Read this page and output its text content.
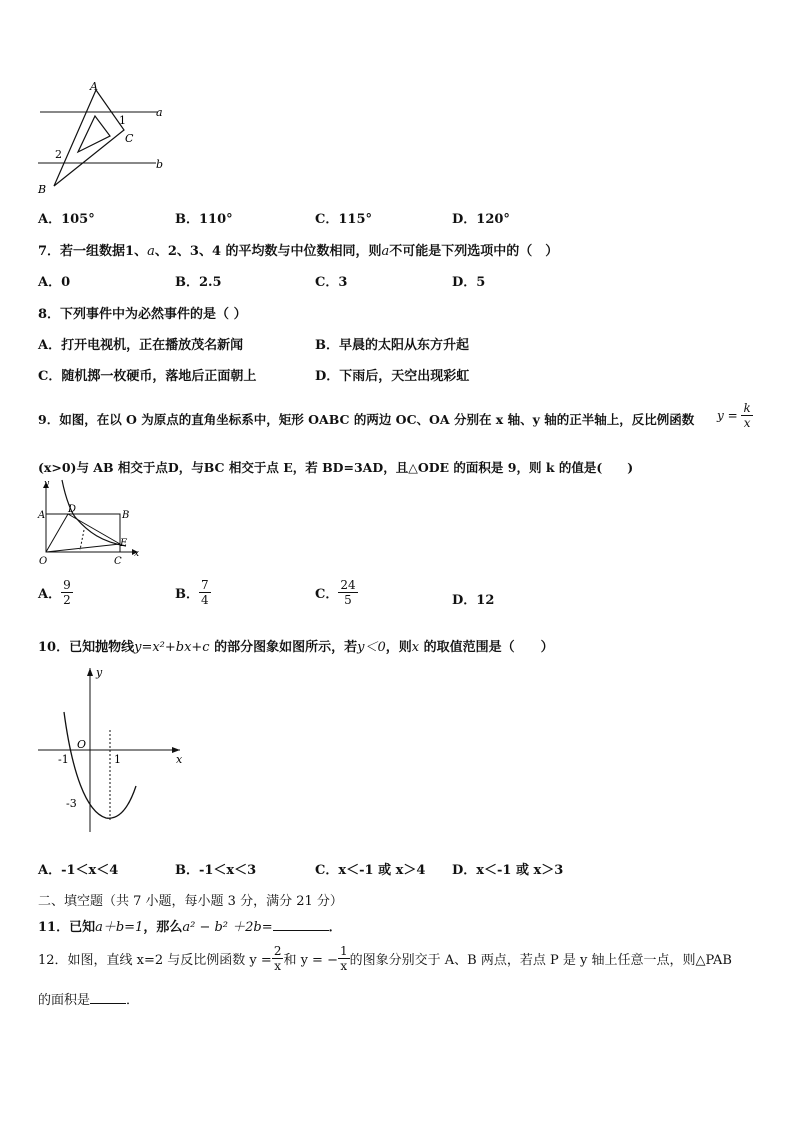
A
B
C
a
b
1
2
A．105°	B．110°	C．115°	D．120°
7．若一组数据1、a、2、3、4 的平均数与中位数相同，则a不可能是下列选项中的（　）
A．0	B．2.5	C．3	D．5
8．下列事件中为必然事件的是（ ）
A．打开电视机，正在播放茂名新闻	B．早晨的太阳从东方升起
C．随机掷一枚硬币，落地后正面朝上	D．下雨后，天空出现彩虹
9．如图，在以 O 为原点的直角坐标系中，矩形 OABC 的两边 OC、OA 分别在 x 轴、y 轴的正半轴上，反比例函数 $y = \frac{k}{x}$
(x>0)与 AB 相交于点D，与BC 相交于点 E，若 BD=3AD，且△ODE 的面积是 9，则 k 的值是(　　)
y
x
A	B
D
E
O	C
A． $\frac{9}{2}$	B． $\frac{7}{4}$	C． $\frac{24}{5}$	D．12
10．已知抛物线y=x²+bx+c 的部分图象如图所示，若y＜0，则x 的取值范围是（　　）
y
x
O
-1	1
-3
A．-1＜x＜4	B．-1＜x＜3	C．x＜-1 或 x＞4 D．x＜-1 或 x＞3
二、填空题（共 7 小题，每小题 3 分，满分 21 分）
11．已知a＋b=1，那么a² − b² ＋2b=	．
12．如图，直线 x=2 与反比例函数 $y = \frac{2}{x}$ 和 y = − $\frac{1}{x}$ 的图象分别交于 A、B 两点，若点 P 是 y 轴上任意一点，则△PAB
的面积是	．
